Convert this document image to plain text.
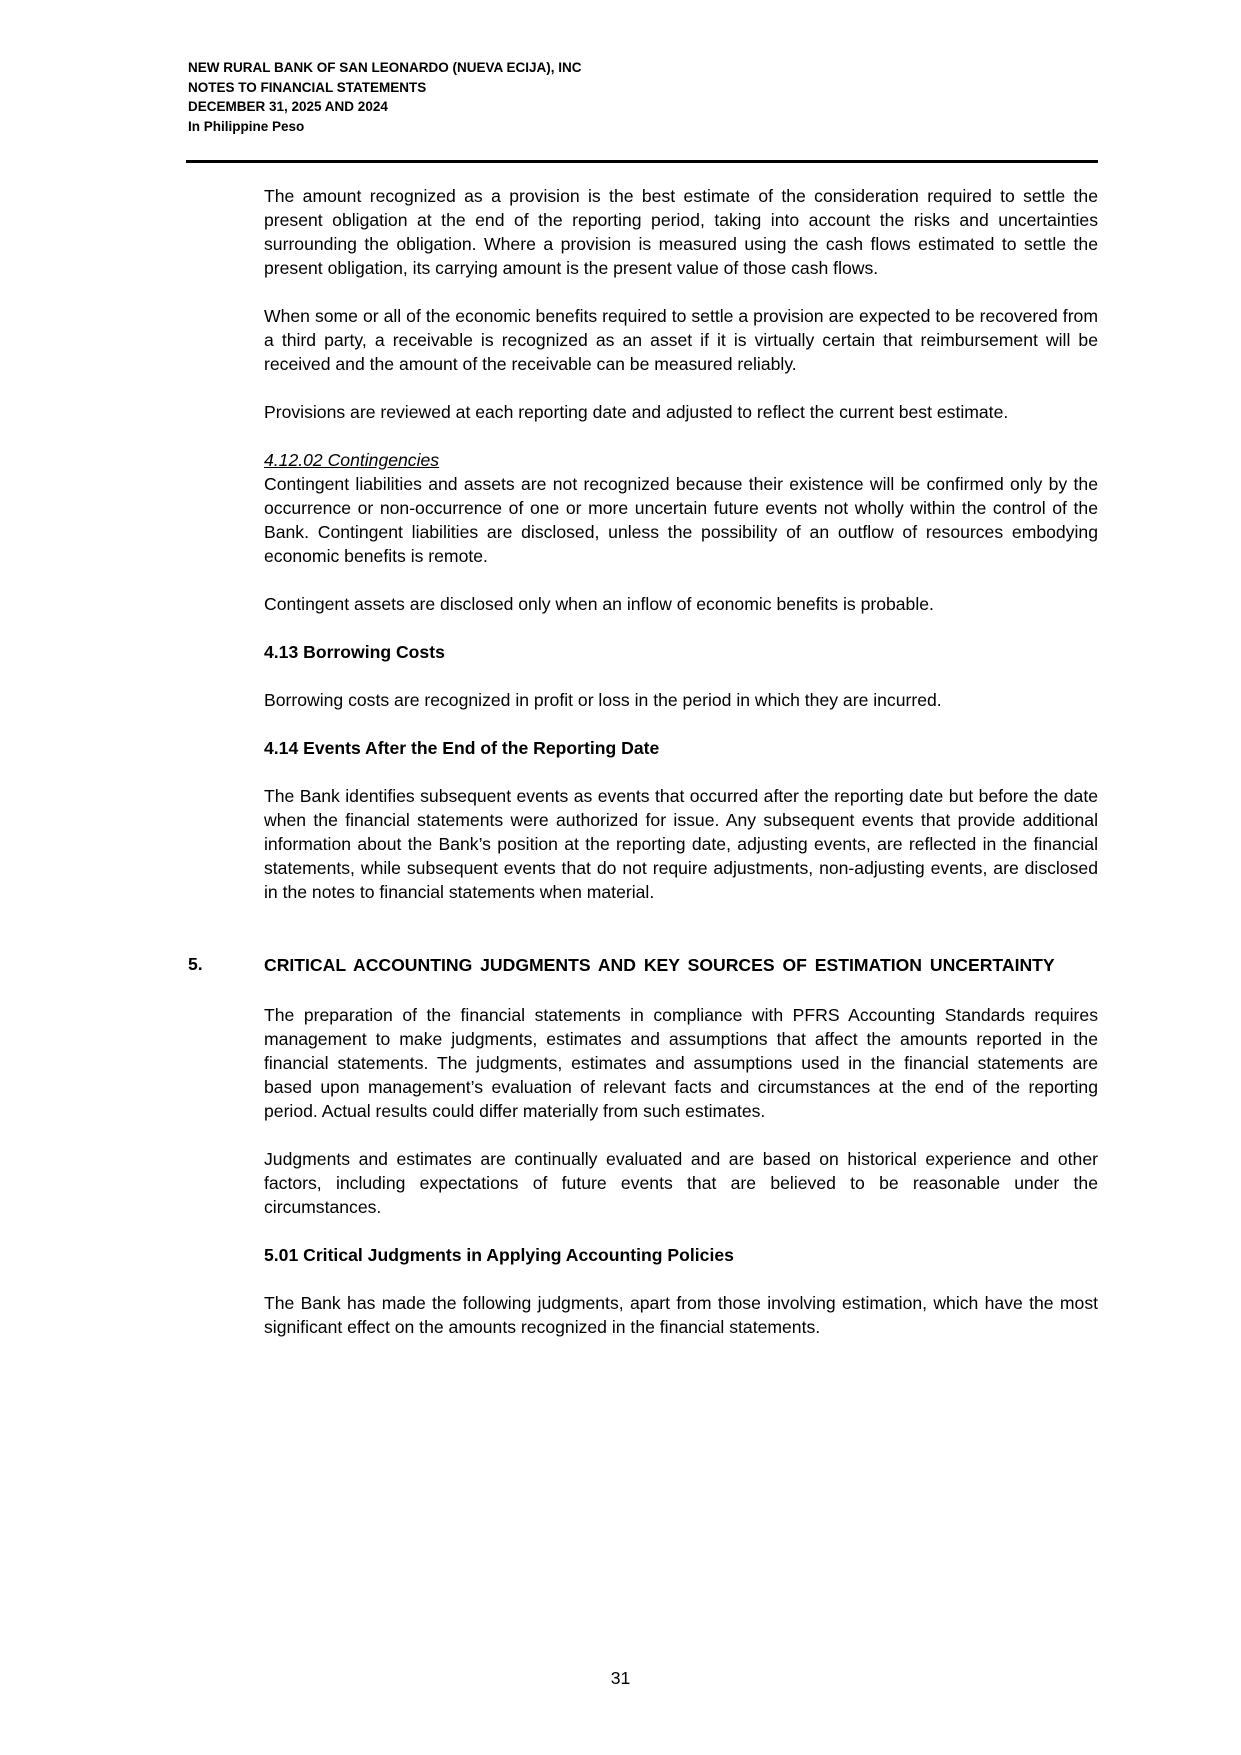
NEW RURAL BANK OF SAN LEONARDO (NUEVA ECIJA), INC
NOTES TO FINANCIAL STATEMENTS
DECEMBER 31, 2025 AND 2024
In Philippine Peso

The amount recognized as a provision is the best estimate of the consideration required to settle the present obligation at the end of the reporting period, taking into account the risks and uncertainties surrounding the obligation. Where a provision is measured using the cash flows estimated to settle the present obligation, its carrying amount is the present value of those cash flows.

When some or all of the economic benefits required to settle a provision are expected to be recovered from a third party, a receivable is recognized as an asset if it is virtually certain that reimbursement will be received and the amount of the receivable can be measured reliably.

Provisions are reviewed at each reporting date and adjusted to reflect the current best estimate.

4.12.02 Contingencies

Contingent liabilities and assets are not recognized because their existence will be confirmed only by the occurrence or non-occurrence of one or more uncertain future events not wholly within the control of the Bank. Contingent liabilities are disclosed, unless the possibility of an outflow of resources embodying economic benefits is remote.

Contingent assets are disclosed only when an inflow of economic benefits is probable.

4.13 Borrowing Costs

Borrowing costs are recognized in profit or loss in the period in which they are incurred.

4.14 Events After the End of the Reporting Date

The Bank identifies subsequent events as events that occurred after the reporting date but before the date when the financial statements were authorized for issue. Any subsequent events that provide additional information about the Bank’s position at the reporting date, adjusting events, are reflected in the financial statements, while subsequent events that do not require adjustments, non-adjusting events, are disclosed in the notes to financial statements when material.

5.	CRITICAL ACCOUNTING JUDGMENTS AND KEY SOURCES OF ESTIMATION UNCERTAINTY

The preparation of the financial statements in compliance with PFRS Accounting Standards requires management to make judgments, estimates and assumptions that affect the amounts reported in the financial statements. The judgments, estimates and assumptions used in the financial statements are based upon management’s evaluation of relevant facts and circumstances at the end of the reporting period. Actual results could differ materially from such estimates.

Judgments and estimates are continually evaluated and are based on historical experience and other factors, including expectations of future events that are believed to be reasonable under the circumstances.

5.01 Critical Judgments in Applying Accounting Policies

The Bank has made the following judgments, apart from those involving estimation, which have the most significant effect on the amounts recognized in the financial statements.

31
